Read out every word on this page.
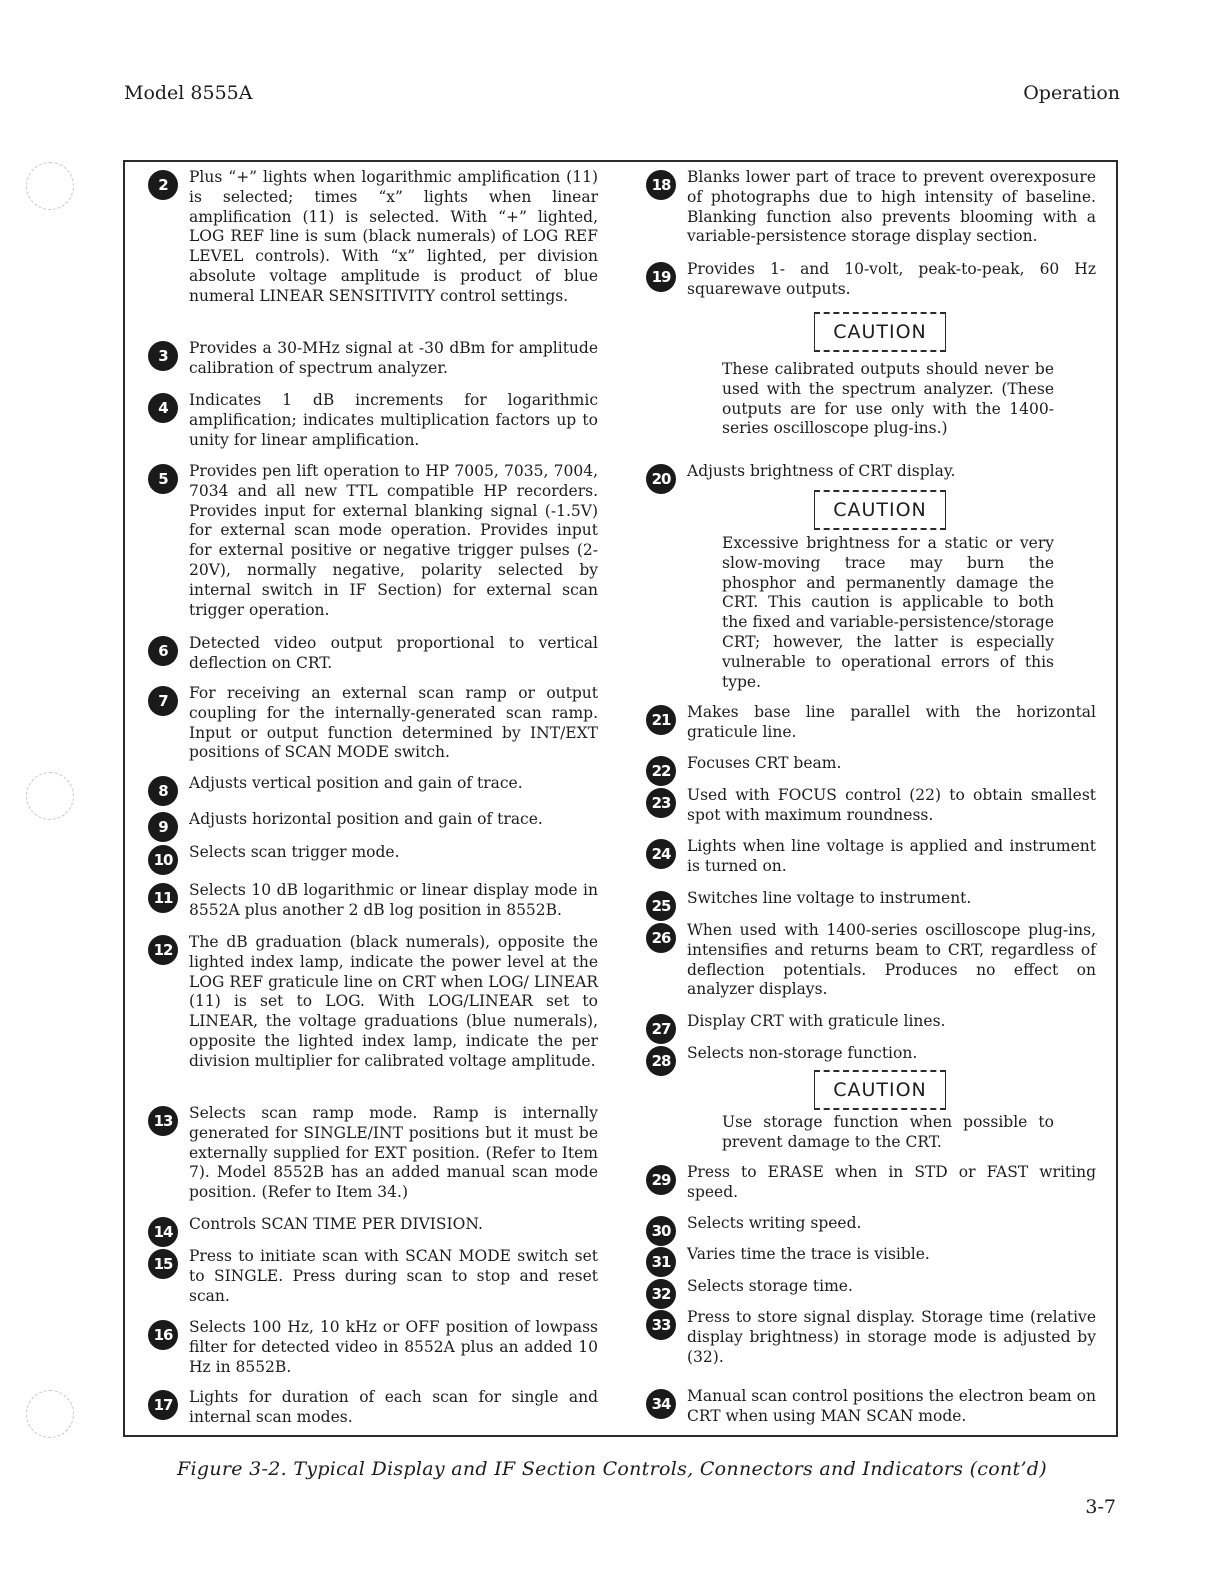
Model 8555A	Operation
2	Plus “+” lights when logarithmic amplification (11) is selected; times “x” lights when linear amplification (11) is selected. With “+” lighted, LOG REF line is sum (black numerals) of LOG REF LEVEL controls). With “x” lighted, per division absolute voltage amplitude is product of blue numeral LINEAR SENSITIVITY control settings.
3	Provides a 30-MHz signal at -30 dBm for amplitude calibration of spectrum analyzer.
4	Indicates 1 dB increments for logarithmic amplification; indicates multiplication factors up to unity for linear amplification.
5	Provides pen lift operation to HP 7005, 7035, 7004, 7034 and all new TTL compatible HP recorders. Provides input for external blanking signal (-1.5V) for external scan mode operation. Provides input for external positive or negative trigger pulses (2-20V), normally negative, polarity selected by internal switch in IF Section) for external scan trigger operation.
6	Detected video output proportional to vertical deflection on CRT.
7	For receiving an external scan ramp or output coupling for the internally-generated scan ramp. Input or output function determined by INT/EXT positions of SCAN MODE switch.
8	Adjusts vertical position and gain of trace.
9	Adjusts horizontal position and gain of trace.
10	Selects scan trigger mode.
11	Selects 10 dB logarithmic or linear display mode in 8552A plus another 2 dB log position in 8552B.
12	The dB graduation (black numerals), opposite the lighted index lamp, indicate the power level at the LOG REF graticule line on CRT when LOG/ LINEAR (11) is set to LOG. With LOG/LINEAR set to LINEAR, the voltage graduations (blue numerals), opposite the lighted index lamp, indicate the per division multiplier for calibrated voltage amplitude.
13	Selects scan ramp mode. Ramp is internally generated for SINGLE/INT positions but it must be externally supplied for EXT position. (Refer to Item 7). Model 8552B has an added manual scan mode position. (Refer to Item 34.)
14	Controls SCAN TIME PER DIVISION.
15	Press to initiate scan with SCAN MODE switch set to SINGLE. Press during scan to stop and reset scan.
16	Selects 100 Hz, 10 kHz or OFF position of lowpass filter for detected video in 8552A plus an added 10 Hz in 8552B.
17	Lights for duration of each scan for single and internal scan modes.
18	Blanks lower part of trace to prevent overexposure of photographs due to high intensity of baseline. Blanking function also prevents blooming with a variable-persistence storage display section.
19	Provides 1- and 10-volt, peak-to-peak, 60 Hz squarewave outputs.
CAUTION
These calibrated outputs should never be used with the spectrum analyzer. (These outputs are for use only with the 1400-series oscilloscope plug-ins.)
20	Adjusts brightness of CRT display.
CAUTION
Excessive brightness for a static or very slow-moving trace may burn the phosphor and permanently damage the CRT. This caution is applicable to both the fixed and variable-persistence/storage CRT; however, the latter is especially vulnerable to operational errors of this type.
21	Makes base line parallel with the horizontal graticule line.
22	Focuses CRT beam.
23	Used with FOCUS control (22) to obtain smallest spot with maximum roundness.
24	Lights when line voltage is applied and instrument is turned on.
25	Switches line voltage to instrument.
26	When used with 1400-series oscilloscope plug-ins, intensifies and returns beam to CRT, regardless of deflection potentials. Produces no effect on analyzer displays.
27	Display CRT with graticule lines.
28	Selects non-storage function.
CAUTION
Use storage function when possible to prevent damage to the CRT.
29	Press to ERASE when in STD or FAST writing speed.
30	Selects writing speed.
31	Varies time the trace is visible.
32	Selects storage time.
33	Press to store signal display. Storage time (relative display brightness) in storage mode is adjusted by (32).
34	Manual scan control positions the electron beam on CRT when using MAN SCAN mode.
Figure 3-2. Typical Display and IF Section Controls, Connectors and Indicators (cont’d)
3-7
